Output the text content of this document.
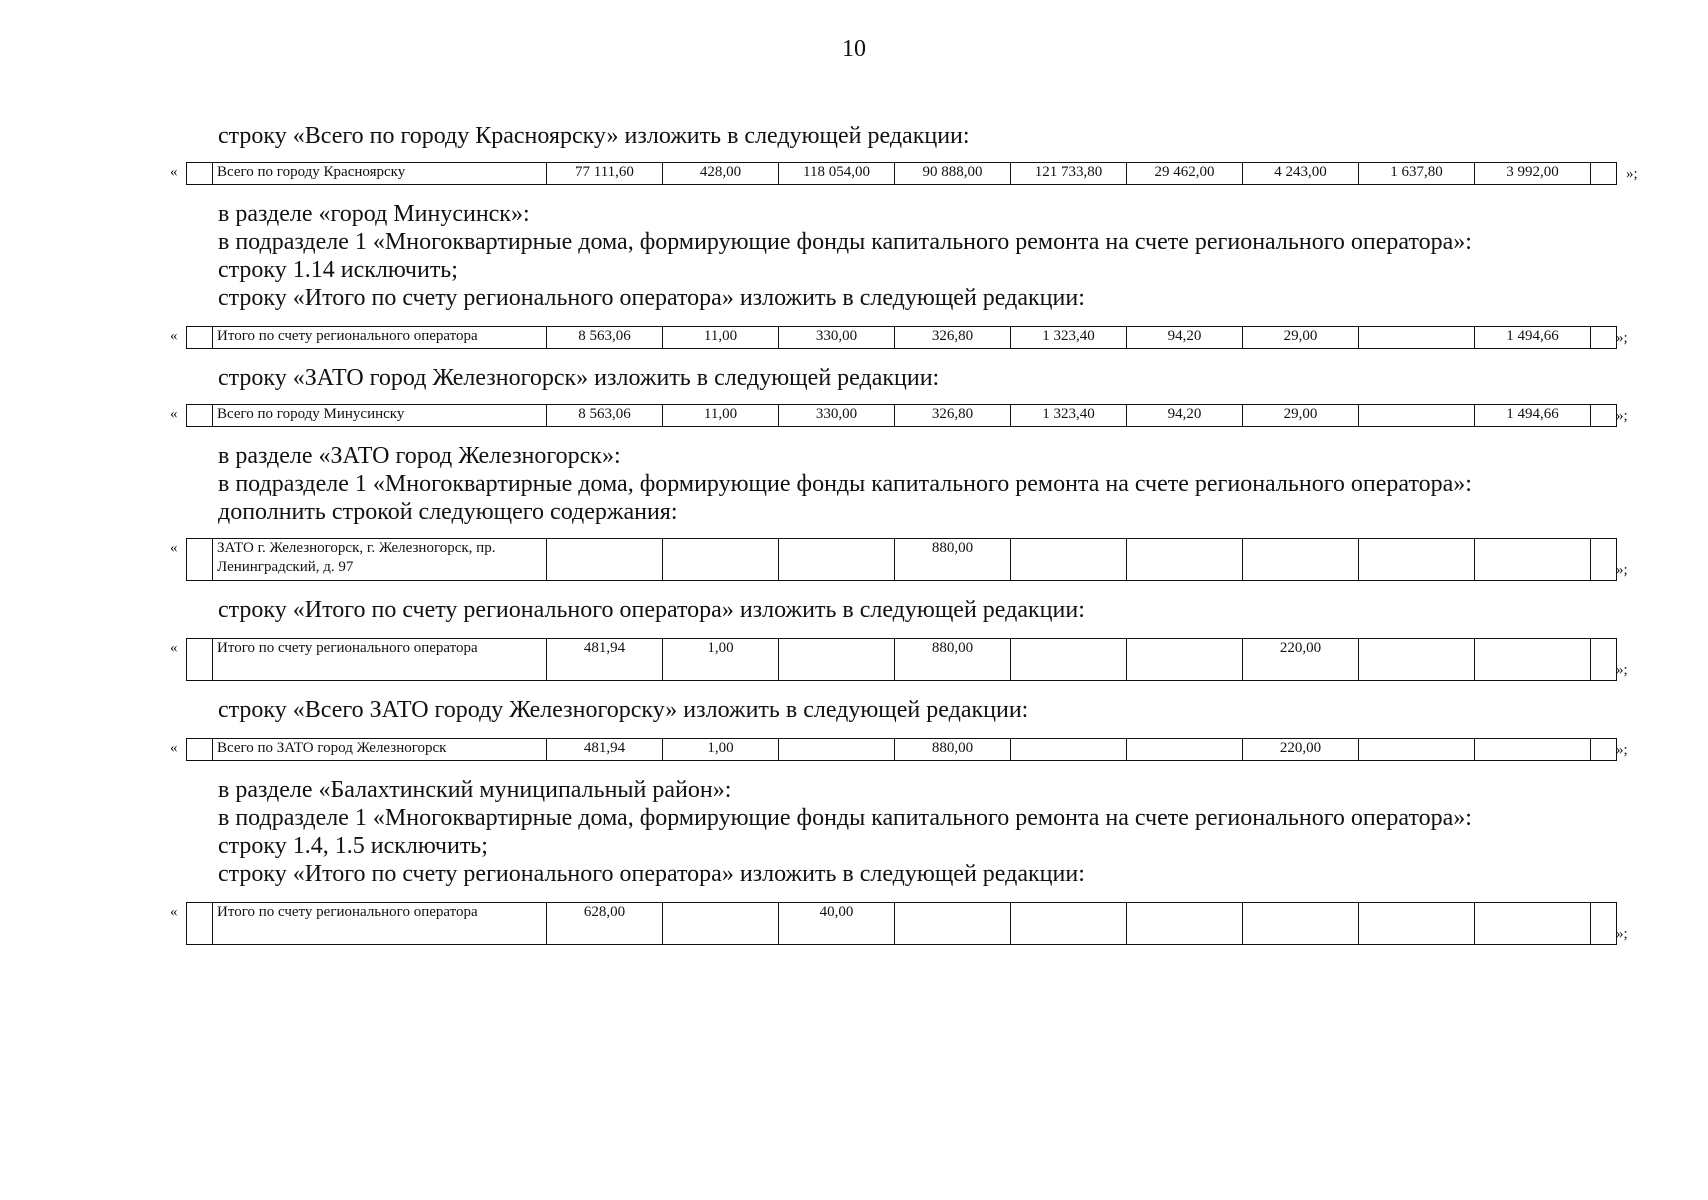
10
строку «Всего по городу Красноярску» изложить в следующей редакции:
«
		Всего по городу Красноярску	77 111,60	428,00	118 054,00	90 888,00	121 733,80	29 462,00	4 243,00	1 637,80	3 992,00		»;
в разделе «город Минусинск»:
в подразделе 1 «Многоквартирные дома, формирующие фонды капитального ремонта на счете регионального оператора»:
строку 1.14 исключить;
строку «Итого по счету регионального оператора» изложить в следующей редакции:
«
		Итого по счету регионального оператора	8 563,06	11,00	330,00	326,80	1 323,40	94,20	29,00		1 494,66		»;
строку «ЗАТО город Железногорск» изложить в следующей редакции:
«
		Всего по городу Минусинску	8 563,06	11,00	330,00	326,80	1 323,40	94,20	29,00		1 494,66		»;
в разделе «ЗАТО город Железногорск»:
в подразделе 1 «Многоквартирные дома, формирующие фонды капитального ремонта на счете регионального оператора»:
дополнить строкой следующего содержания:
«
		ЗАТО г. Железногорск, г. Железногорск, пр. Ленинградский, д. 97				880,00						
»;
строку «Итого по счету регионального оператора» изложить в следующей редакции:
«
		Итого по счету регионального оператора	481,94	1,00		880,00			220,00			
»;
строку «Всего ЗАТО городу Железногорску» изложить в следующей редакции:
«
		Всего по ЗАТО город Железногорск	481,94	1,00		880,00			220,00				»;
в разделе «Балахтинский муниципальный район»:
в подразделе 1 «Многоквартирные дома, формирующие фонды капитального ремонта на счете регионального оператора»:
строку 1.4, 1.5 исключить;
строку «Итого по счету регионального оператора» изложить в следующей редакции:
«
		Итого по счету регионального оператора	628,00		40,00							
»;
